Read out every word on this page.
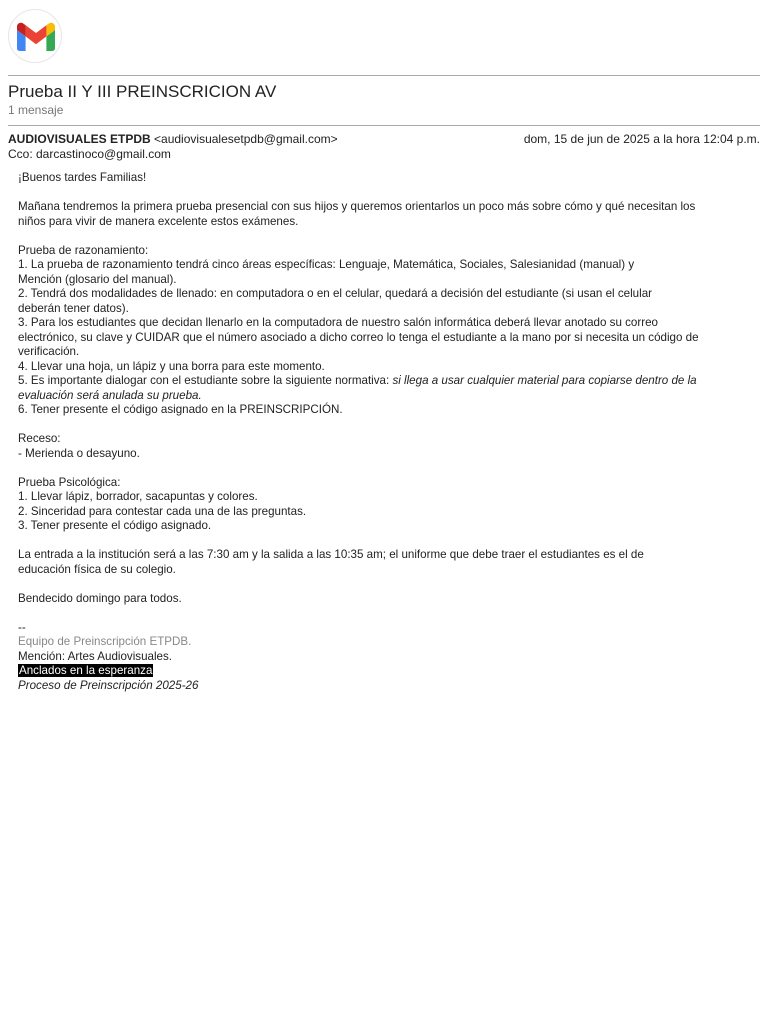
Prueba II Y III PREINSCRICION AV
1 mensaje
AUDIOVISUALES ETPDB <audiovisualesetpdb@gmail.com>	dom, 15 de jun de 2025 a la hora 12:04 p.m.
Cco: darcastinoco@gmail.com

¡Buenos tardes Familias!

Mañana tendremos la primera prueba presencial con sus hijos y queremos orientarlos un poco más sobre cómo y qué necesitan los

niños para vivir de manera excelente estos exámenes.

Prueba de razonamiento:

1. La prueba de razonamiento tendrá cinco áreas específicas: Lenguaje, Matemática, Sociales, Salesianidad (manual) y

Mención (glosario del manual).

2. Tendrá dos modalidades de llenado: en computadora o en el celular, quedará a decisión del estudiante (si usan el celular

deberán tener datos).

3. Para los estudiantes que decidan llenarlo en la computadora de nuestro salón informática deberá llevar anotado su correo

electrónico, su clave y CUIDAR que el número asociado a dicho correo lo tenga el estudiante a la mano por si necesita un código de

verificación.

4. Llevar una hoja, un lápiz y una borra para este momento.

5. Es importante dialogar con el estudiante sobre la siguiente normativa: si llega a usar cualquier material para copiarse dentro de la

evaluación será anulada su prueba.

6. Tener presente el código asignado en la PREINSCRIPCIÓN.

Receso:

- Merienda o desayuno.

Prueba Psicológica:

1. Llevar lápiz, borrador, sacapuntas y colores.

2. Sinceridad para contestar cada una de las preguntas.

3. Tener presente el código asignado.

La entrada a la institución será a las 7:30 am y la salida a las 10:35 am; el uniforme que debe traer el estudiantes es el de

educación física de su colegio.

Bendecido domingo para todos.

--

Equipo de Preinscripción ETPDB.

Mención: Artes Audiovisuales.

Anclados en la esperanza

Proceso de Preinscripción 2025-26
